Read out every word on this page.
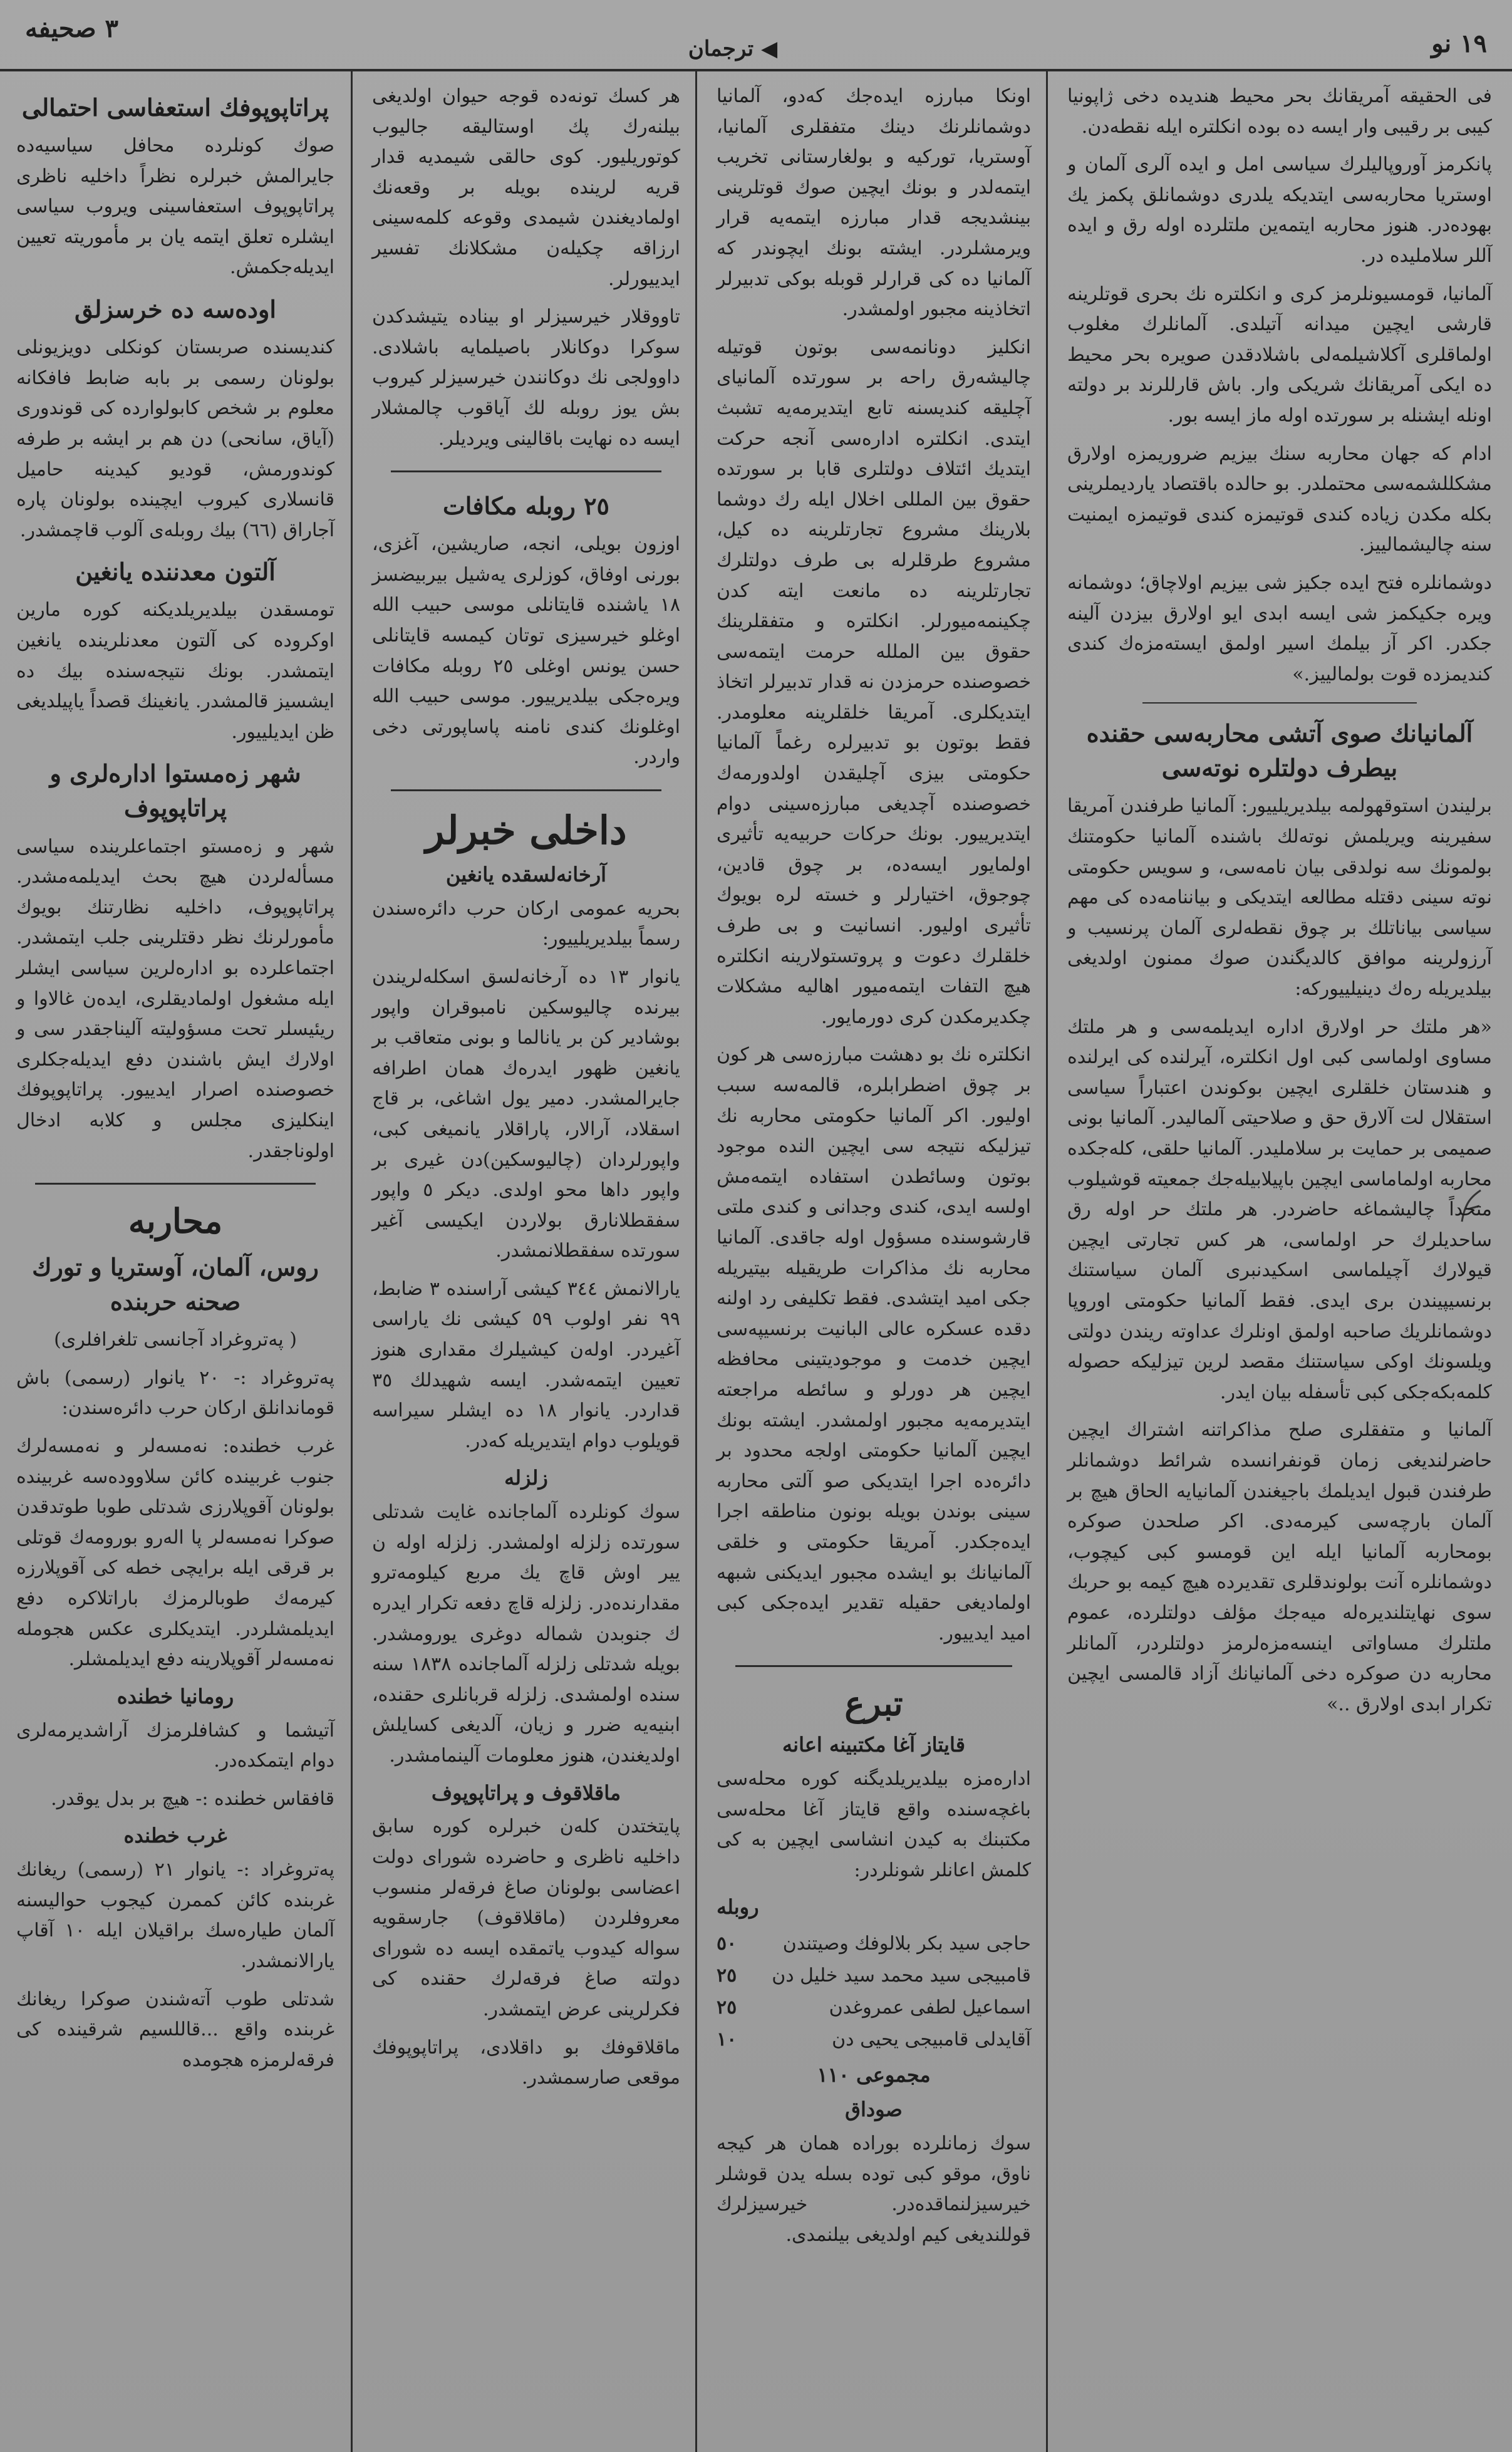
٣ ﺻﺤﯿﻔﻪ
◀ ﺗﺮﺟﻤﺎﻥ	١٩ ﻧﻮ

ﻓﯽ ﺍﻟﺤﻘﯿﻘﻪ ﺁﻣﺮﯾﻘﺎﻧﻚ ﺑﺤﺮ ﻣﺤﯿﻂ ﻫﻨﺪﯾﺪﻩ ﺩﺧﯽ ﮊﺍﭘﻮﻧﯿﺎ ﻛﯿﺒﯽ ﺑﺮ ﺭﻗﯿﺒﯽ ﻭﺍﺭ ﺍﯾﺴﻪ ﺩﻩ ﺑﻮﺩﻩ ﺍﻧﻜﻠﺘﺮﻩ ﺍﯾﻠﻪ ﻧﻘﻄﻪﺩﻥ.

ﭘﺎﻧﻜﺮﻣﺰ ﺁﻭﺭﻭﭘﺎﻟﯿﻠﺮﻙ ﺳﯿﺎﺳﯽ ﺍﻣﻞ ﻭ ﺍﯾﺪﻩ ﺁﻟﺮﯼ ﺁﻟﻤﺎﻥ ﻭ ﺍﻭﺳﺘﺮﯾﺎ ﻣﺤﺎﺭﺑﻪﺳﯽ ﺍﯾﺘﺪﯾﻜﻪ ﯾﻠﺪﺭﯼ ﺩﻭﺷﻤﺎﻧﻠﻖ ﭘﻜﻤﺰ ﯾﻚ ﺑﻬﻮﺩﻩﺩﺭ. ﻫﻨﻮﺯ ﻣﺤﺎﺭﺑﻪ ﺍﯾﺘﻤﻪﯾﻦ ﻣﻠﺘﻠﺮﺩﻩ ﺍﻭﻟﻪ ﺭﻕ ﻭ ﺍﯾﺪﻩ ﺁﻟﻠﺮ ﺳﻼﻣﻠﯿﺪﻩ ﺩﺭ.

ﺁﻟﻤﺎﻧﯿﺎ، ﻗﻮﻣﺴﻴﻮﻧﻠﺮﻣﺰ ﻛﺮﯼ ﻭ ﺍﻧﻜﻠﺘﺮﻩ ﻧﻚ ﺑﺤﺮﯼ ﻗﻮﺗﻠﺮﯾﻨﻪ ﻗﺎﺭﺷﯽ ﺍﯾﭽﯿﻦ ﻣﯿﺪﺍﻧﻪ ﺁﺗﯿﻠﺪﯼ. ﺁﻟﻤﺎﻧﻠﺮﻙ ﻣﻐﻠﻮﺏ ﺍﻭﻟﻤﺎﻗﻠﺮﯼ ﺁﻛﻼﺷﯿﻠﻤﻪﻟﯽ ﺑﺎﺷﻠﺎﺩﻗﺪﻥ ﺻﻮﯾﺮﻩ ﺑﺤﺮ ﻣﺤﯿﻂ ﺩﻩ ﺍﯾﻜﯽ ﺁﻣﺮﯾﻘﺎﻧﻚ ﺷﺮﯾﻜﯽ ﻭﺍﺭ. ﺑﺎﺵ ﻗﺎﺭﻟﻠﺮﻧﺪ ﺑﺮ ﺩﻭﻟﺘﻪ ﺍﻭﻧﻠﻪ ﺍﯾﺸﻨﻠﻪ ﺑﺮ ﺳﻮﺭﺗﺪﻩ ﺍﻭﻟﻪ ﻣﺎﺯ ﺍﯾﺴﻪ ﺑﻮﺭ.

ﺍﺩﺍﻡ ﻛﻪ ﺟﻬﺎﻥ ﻣﺤﺎﺭﺑﻪ ﺳﻨﻚ ﺑﯿﺰﯾﻢ ﺿﺮﻭﺭﯾﻤﺰﻩ ﺍﻭﻻﺭﻕ ﻣﺸﻜﻠﻠﺸﻤﻪﺳﯽ ﻣﺤﺘﻤﻠﺪﺭ. ﺑﻮ ﺣﺎﻟﺪﻩ ﺑﺎﻗﺘﺼﺎﺩ ﯾﺎﺭﺩﯾﻤﻠﺮﯾﻨﯽ ﺑﻜﻠﻪ ﻣﻜﺪﻥ ﺯﯾﺎﺩﻩ ﻛﻨﺪﯼ ﻗﻮﺗﯿﻤﺰﻩ ﻛﻨﺪﯼ ﻗﻮﺗﯿﻤﺰﻩ ﺍﯾﻤﻨﯿﺖ ﺳﻨﻪ ﭼﺎﻟﯿﺸﻤﺎﻟﯿﯿﺰ.

ﺩﻭﺷﻤﺎﻧﻠﺮﻩ ﻓﺘﺢ ﺍﯾﺪﻩ ﺟﻜﯿﺰ ﺷﯽ ﺑﯿﺰﯾﻢ ﺍﻭﻻﭼﺎﻕ؛ ﺩﻭﺷﻤﺎﻧﻪ ﻭﯾﺮﻩ ﺟﻜﯿﻜﻤﺰ ﺷﯽ ﺍﯾﺴﻪ ﺍﺑﺪﯼ ﺍﯾﻮ ﺍﻭﻻﺭﻕ ﺑﯿﺰﺩﻥ ﺁﻟﯿﻨﻪ ﺟﻜﺪﺭ. ﺍﻛﺮ ﺁﺯ ﺑﯿﻠﻤﻚ ﺍﺳﯿﺮ ﺍﻭﻟﻤﻖ ﺍﯾﺴﺘﻪﻣﺰﻩﻙ ﻛﻨﺪﯼ ﻛﻨﺪﯾﻤﺰﺩﻩ ﻗﻮﺕ ﺑﻮﻟﻤﺎﻟﯿﯿﺰ.»

ﺁﻟﻤﺎﻧﯿﺎﻧﻚ ﺻﻮﯼ ﺁﺗﺸﯽ ﻣﺤﺎﺭﺑﻪﺳﯽ ﺣﻘﻨﺪﻩ ﺑﯿﻄﺮﻑ ﺩﻭﻟﺘﻠﺮﻩ ﻧﻮﺗﻪﺳﯽ

ﺑﺮﻟﯿﻨﺪﻥ ﺍﺳﺘﻮﻗﻬﻮﻟﻤﻪ ﺑﯿﻠﺪﯾﺮﯾﻠﯿﯿﻮﺭ: ﺁﻟﻤﺎﻧﯿﺎ ﻃﺮﻓﻨﺪﻥ ﺁﻣﺮﯾﻘﺎ ﺳﻔﯿﺮﯾﻨﻪ ﻭﯾﺮﯾﻠﻤﺶ ﻧﻮﺗﻪﻟﻚ ﺑﺎﺷﻨﺪﻩ ﺁﻟﻤﺎﻧﯿﺎ ﺣﻜﻮﻣﺘﻨﻚ ﺑﻮﻟﻤﻮﻧﻚ ﺳﻪ ﻧﻮﻟﺪﻗﯽ ﺑﯿﺎﻥ ﻧﺎﻣﻪﺳﯽ، ﻭ ﺳﻮﯾﺲ ﺣﻜﻮﻣﺘﯽ ﻧﻮﺗﻪ ﺳﯿﻨﯽ ﺩﻗﺘﻠﻪ ﻣﻄﺎﻟﻌﻪ ﺍﯾﺘﺪﯾﻜﯽ ﻭ ﺑﯿﺎﻧﻨﺎﻣﻪﺩﻩ ﻛﯽ ﻣﻬﻢ ﺳﯿﺎﺳﯽ ﺑﯿﺎﻧﺎﺗﻠﻚ ﺑﺮ ﭼﻮﻕ ﻧﻘﻄﻪﻟﺮﯼ ﺁﻟﻤﺎﻥ ﭘﺮﻧﺴﯿﺐ ﻭ ﺁﺭﺯﻭﻟﺮﯾﻨﻪ ﻣﻮﺍﻓﻖ ﻛﺎﻟﺪﯾﮕﻨﺪﻥ ﺻﻮﻙ ﻣﻤﻨﻮﻥ ﺍﻭﻟﺪﯾﻐﯽ ﺑﯿﻠﺪﯾﺮﯾﻠﻪ ﺭﻩﻙ ﺩﯾﻨﯿﻠﯿﯿﻮﺭﻛﻪ:

«ﻫﺮ ﻣﻠﺘﻚ ﺣﺮ ﺍﻭﻻﺭﻕ ﺍﺩﺍﺭﻩ ﺍﯾﺪﯾﻠﻤﻪﺳﯽ ﻭ ﻫﺮ ﻣﻠﺘﻚ ﻣﺴﺎﻭﯼ ﺍﻭﻟﻤﺎﺳﯽ ﻛﺒﯽ ﺍﻭﻝ ﺍﻧﻜﻠﺘﺮﻩ، ﺁﯾﺮﻟﻨﺪﻩ ﻛﯽ ﺍﯾﺮﻟﻨﺪﻩ ﻭ ﻫﻨﺪﺳﺘﺎﻥ ﺧﻠﻘﻠﺮﯼ ﺍﯾﭽﯿﻦ ﺑﻮﻛﻮﻧﺪﻥ ﺍﻋﺘﺒﺎﺭﺍً ﺳﯿﺎﺳﯽ ﺍﺳﺘﻘﻼﻝ ﻟﺖ ﺁﻻﺭﻕ ﺣﻖ ﻭ ﺻﻼﺣﯿﺘﯽ ﺁﻟﻤﺎﻟﯿﺪﺭ. ﺁﻟﻤﺎﻧﯿﺎ ﺑﻮﻧﯽ ﺻﻤﯿﻤﯽ ﺑﺮ ﺣﻤﺎﯾﺖ ﺑﺮ ﺳﻼﻣﻠﯿﺪﺭ. ﺁﻟﻤﺎﻧﯿﺎ ﺣﻠﻘﯽ، ﻛﻠﻪﺟﻜﺪﻩ ﻣﺤﺎﺭﺑﻪ ﺍﻭﻟﻤﺎﻣﺎﺳﯽ ﺍﯾﭽﯿﻦ ﺑﺎﭘﯿﻼﺑﯿﻠﻪﺟﻚ ﺟﻤﻌﯿﺘﻪ ﻗﻮﺷﯿﻠﻮﺏ ﻣﺘﺤﺪﺍً ﭼﺎﻟﯿﺸﻤﺎﻏﻪ ﺣﺎﺿﺮﺩﺭ. ﻫﺮ ﻣﻠﺘﻚ ﺣﺮ ﺍﻭﻟﻪ ﺭﻕ ﺳﺎﺣﺪﯾﻠﺮﻙ ﺣﺮ ﺍﻭﻟﻤﺎﺳﯽ، ﻫﺮ ﻛﺲ ﺗﺠﺎﺭﺗﯽ ﺍﯾﭽﯿﻦ ﻗﯿﻮﻟﺎﺭﻙ ﺁﭼﯿﻠﻤﺎﺳﯽ ﺍﺳﻜﯿﺪﻧﺒﺮﻯ ﺁﻟﻤﺎﻥ ﺳﯿﺎﺳﺘﻨﻚ ﺑﺮﻧﺴﯿﭙﯿﻨﺪﻥ ﺑﺮﯼ ﺍﯾﺪﯼ. ﻓﻘﻂ ﺁﻟﻤﺎﻧﯿﺎ ﺣﻜﻮﻣﺘﯽ ﺍﻭﺭﻭﭘﺎ ﺩﻭﺷﻤﺎﻧﻠﺮﯾﻚ ﺻﺎﺣﺒﻪ ﺍﻭﻟﻤﻖ ﺍﻭﻧﻠﺮﻙ ﻋﺪﺍﻭﺗﻪ ﺭﯾﻨﺪﻥ ﺩﻭﻟﺘﯽ ﻭﯾﻠﺴﻮﻧﻚ ﺍﻭﻛﯽ ﺳﯿﺎﺳﺘﻨﻚ ﻣﻘﺼﺪ ﻟﺮﯾﻦ ﺗﻴﺰﻟﻴﻜﻪ ﺣﺼﻮﻟﻪ ﻛﻠﻤﻪﺑﻜﻪﺟﻜﯽ ﻛﺒﯽ ﺗﺄﺳﻔﻠﻪ ﺑﯿﺎﻥ ﺍﯾﺪﺭ.

ﺁﻟﻤﺎﻧﯿﺎ ﻭ ﻣﺘﻔﻘﻠﺮﯼ ﺻﻠﺢ ﻣﺬﺍﻛﺮﺍﺗﻨﻪ ﺍﺷﺘﺮﺍﻙ ﺍﯾﭽﯿﻦ ﺣﺎﺿﺮﻟﻨﺪﯾﻐﯽ ﺯﻣﺎﻥ ﻗﻮﻧﻔﺮﺍﻧﺴﺪﻩ ﺷﺮﺍﺋﻂ ﺩﻭﺷﻤﺎﻧﻠﺮ ﻃﺮﻓﻨﺪﻥ ﻗﺒﻮﻝ ﺍﯾﺪﯾﻠﻤﻚ ﺑﺎﺟﯿﻐﻨﺪﻥ ﺁﻟﻤﺎﻧﯿﺎﯾﻪ ﺍﻟﺤﺎﻕ ﻫﯿﭻ ﺑﺮ ﺁﻟﻤﺎﻥ ﺑﺎﺭﭼﻪﺳﯽ ﻛﯿﺮﻣﻪﺩﯼ. ﺍﻛﺮ ﺻﻠﺤﺪﻥ ﺻﻮﻛﺮﻩ ﺑﻮﻣﺤﺎﺭﺑﻪ ﺁﻟﻤﺎﻧﯿﺎ ﺍﯾﻠﻪ ﺍﯾﻦ ﻗﻮﻣﺴﻮ ﻛﺒﯽ ﻛﯿﭽﻮﺏ، ﺩﻭﺷﻤﺎﻧﻠﺮﻩ ﺁﻧﺖ ﺑﻮﻟﻮﻧﺪﻗﻠﺮﯼ ﺗﻘﺪﯾﺮﺩﻩ ﻫﯿﭻ ﻛﯿﻤﻪ ﺑﻮ ﺣﺮﺑﻚ ﺳﻮﯼ ﻧﻬﺎﯾﺘﻠﻨﺪﯾﺮﻩﻟﻪ ﻣﯿﻪﺟﻚ ﻣﺆﻟﻒ ﺩﻭﻟﺘﻠﺮﺩﻩ، ﻋﻤﻮﻡ ﻣﻠﺘﻠﺮﻙ ﻣﺴﺎﻭﺍﺗﯽ ﺍﯾﻨﺴﻪﻣﺰﻩﻟﺮﻣﺰ ﺩﻭﻟﺘﻠﺮﺩﺭ، ﺁﻟﻤﺎﻧﻠﺮ ﻣﺤﺎﺭﺑﻪ ﺩﻥ ﺻﻮﻛﺮﻩ ﺩﺧﯽ ﺁﻟﻤﺎﻧﯿﺎﻧﻚ ﺁﺯﺍﺩ ﻗﺎﻟﻤﺴﯽ ﺍﯾﭽﯿﻦ ﺗﻜﺮﺍﺭ ﺍﺑﺪﯼ ﺍﻭﻻﺭﻕ ..»

ﺍﻭﻧﻜﺎ ﻣﺒﺎﺭﺯﻩ ﺍﯾﺪﻩﺟﻚ ﻛﻪﺩﻭ، ﺁﻟﻤﺎﻧﯿﺎ ﺩﻭﺷﻤﺎﻧﻠﺮﻧﻚ ﺩﯾﻨﻚ ﻣﺘﻔﻘﻠﺮﻯ ﺁﻟﻤﺎﻧﯿﺎ، ﺁﻭﺳﺘﺮﯾﺎ، ﺗﻮﺭﻛﯿﻪ ﻭ ﺑﻮﻟﻐﺎﺭﺳﺘﺎﻧﯽ ﺗﺨﺮﯾﺐ ﺍﯾﺘﻤﻪﻟﺪﺭ ﻭ ﺑﻮﻧﻚ ﺍﯾﭽﯿﻦ ﺻﻮﻙ ﻗﻮﺗﻠﺮﯾﻨﯽ ﺑﯿﻨﺸﺪﯾﺠﻪ ﻗﺪﺍﺭ ﻣﺒﺎﺭﺯﻩ ﺍﯾﺘﻤﻪﯾﻪ ﻗﺮﺍﺭ ﻭﯾﺮﻣﺸﻠﺮﺩﺭ. ﺍﯾﺸﺘﻪ ﺑﻮﻧﻚ ﺍﯾﭽﻮﻧﺪﺭ ﻛﻪ ﺁﻟﻤﺎﻧﯿﺎ ﺩﻩ ﻛﯽ ﻗﺮﺍﺭﻟﺮ ﻗﻮﺑﻠﻪ ﺑﻮﻛﯽ ﺗﺪﺑﯿﺮﻟﺮ ﺍﺗﺨﺎﺫﯾﻨﻪ ﻣﺠﺒﻮﺭ ﺍﻭﻟﻤﺸﺪﺭ.

ﺍﻧﻜﻠﯿﺰ ﺩﻭﻧﺎﻧﻤﻪﺳﯽ ﺑﻮﺗﻮﻥ ﻗﻮﺗﯿﻠﻪ ﭼﺎﻟﯿﺸﻪﺭﻕ ﺭﺍﺣﻪ ﺑﺮ ﺳﻮﺭﺗﺪﻩ ﺁﻟﻤﺎﻧﯿﺎﯼ ﺁﭼﻠﯿﻘﻪ ﻛﻨﺪﯾﺴﻨﻪ ﺗﺎﺑﻊ ﺍﯾﺘﺪﯾﺮﻣﻪﯾﻪ ﺗﺸﺒﺚ ﺍﯾﺘﺪﯼ. ﺍﻧﻜﻠﺘﺮﻩ ﺍﺩﺍﺭﻩﺳﯽ ﺁﻧﺠﻪ ﺣﺮﻛﺖ ﺍﯾﺘﺪﯾﻚ ﺍﺋﺘﻼﻑ ﺩﻭﻟﺘﻠﺮﯼ ﻗﺎﺑﺎ ﺑﺮ ﺳﻮﺭﺗﺪﻩ ﺣﻘﻮﻕ ﺑﯿﻦ ﺍﻟﻤﻠﻠﯽ ﺍﺧﻼﻝ ﺍﯾﻠﻪ ﺭﻙ ﺩﻭﺷﻤﺎ ﺑﻠﺎﺭﯾﻨﻚ ﻣﺸﺮﻭﻉ ﺗﺠﺎﺭﺗﻠﺮﯾﻨﻪ ﺩﻩ ﻛﯿﻞ، ﻣﺸﺮﻭﻉ ﻃﺮﻗﻠﺮﻟﻪ ﺑﯽ ﻃﺮﻑ ﺩﻭﻟﺘﻠﺮﻙ ﺗﺠﺎﺭﺗﻠﺮﯾﻨﻪ ﺩﻩ ﻣﺎﻧﻌﺖ ﺍﯾﺘﻪ ﻛﺪﻥ ﭼﻜﯿﻨﻤﻪﻣﯿﻮﺭﻟﺮ. ﺍﻧﻜﻠﺘﺮﻩ ﻭ ﻣﺘﻔﻘﻠﺮﯾﻨﻚ ﺣﻘﻮﻕ ﺑﯿﻦ ﺍﻟﻤﻠﻠﻪ ﺣﺮﻣﺖ ﺍﯾﺘﻤﻪﺳﯽ ﺧﺼﻮﺻﻨﺪﻩ ﺣﺮﻣﺰﺩﻥ ﻧﻪ ﻗﺪﺍﺭ ﺗﺪﺑﯿﺮﻟﺮ ﺍﺗﺨﺎﺫ ﺍﯾﺘﺪﯾﻜﻠﺮﯼ. ﺁﻣﺮﯾﻘﺎ ﺧﻠﻘﻠﺮﯾﻨﻪ ﻣﻌﻠﻮﻣﺪﺭ. ﻓﻘﻂ ﺑﻮﺗﻮﻥ ﺑﻮ ﺗﺪﺑﯿﺮﻟﺮﻩ ﺭﻏﻤﺎً ﺁﻟﻤﺎﻧﯿﺎ ﺣﻜﻮﻣﺘﯽ ﺑﯿﺰﯼ ﺁﭼﻠﯿﻘﺪﻥ ﺍﻭﻟﺪﻭﺭﻣﻪﻙ ﺧﺼﻮﺻﻨﺪﻩ ﺁﭼﺪﯾﻐﯽ ﻣﺒﺎﺭﺯﻩﺳﯿﻨﯽ ﺩﻭﺍﻡ ﺍﯾﺘﺪﯾﺮﯾﯿﻮﺭ. ﺑﻮﻧﻚ ﺣﺮﻛﺎﺕ ﺣﺮﺑﯿﻪﯾﻪ ﺗﺄﺛﯿﺮﯼ ﺍﻭﻟﻤﺎﯾﻮﺭ ﺍﯾﺴﻪﺩﻩ، ﺑﺮ ﭼﻮﻕ ﻗﺎﺩﯾﻦ، ﭼﻮﺟﻮﻕ، ﺍﺧﺘﯿﺎﺭﻟﺮ ﻭ ﺧﺴﺘﻪ ﻟﺮﻩ ﺑﻮﯾﻮﻙ ﺗﺄﺛﯿﺮﯼ ﺍﻭﻟﯿﻮﺭ. ﺍﻧﺴﺎﻧﯿﺖ ﻭ ﺑﯽ ﻃﺮﻑ ﺧﻠﻘﻠﺮﻙ ﺩﻋﻮﺕ ﻭ ﭘﺮﻭﺗﺴﺘﻮﻻﺭﯾﻨﻪ ﺍﻧﻜﻠﺘﺮﻩ ﻫﯿﭻ ﺍﻟﺘﻔﺎﺕ ﺍﯾﺘﻤﻪﻣﯿﻮﺭ ﺍﻫﺎﻟﯿﻪ ﻣﺸﻜﻼﺕ ﭼﻜﺪﯾﺮﻣﻜﺪﻥ ﻛﺮﯼ ﺩﻭﺭﻣﺎﯾﻮﺭ.

ﺍﻧﻜﻠﺘﺮﻩ ﻧﻚ ﺑﻮ ﺩﻫﺸﺖ ﻣﺒﺎﺭﺯﻩﺳﯽ ﻫﺮ ﻛﻮﻥ ﺑﺮ ﭼﻮﻕ ﺍﺿﻄﺮﺍﺑﻠﺮﻩ، ﻗﺎﻟﻤﻪﺳﻪ ﺳﺒﺐ ﺍﻭﻟﯿﻮﺭ. ﺍﻛﺮ ﺁﻟﻤﺎﻧﯿﺎ ﺣﻜﻮﻣﺘﯽ ﻣﺤﺎﺭﺑﻪ ﻧﻚ ﺗﻴﺰﻟﻴﻜﻪ ﻧﺘﯿﺠﻪ ﺳﯽ ﺍﯾﭽﯿﻦ ﺍﻟﻨﺪﻩ ﻣﻮﺟﻮﺩ ﺑﻮﺗﻮﻥ ﻭﺳﺎﺋﻄﺪﻥ ﺍﺳﺘﻔﺎﺩﻩ ﺍﯾﺘﻤﻪﻣﺶ ﺍﻭﻟﺴﻪ ﺍﯾﺪﯼ، ﻛﻨﺪﯼ ﻭﺟﺪﺍﻧﯽ ﻭ ﻛﻨﺪﯼ ﻣﻠﺘﯽ ﻗﺎﺭﺷﻮﺳﻨﺪﻩ ﻣﺴﺆﻭﻝ ﺍﻭﻟﻪ ﺟﺎﻗﺪﯼ. ﺁﻟﻤﺎﻧﯿﺎ ﻣﺤﺎﺭﺑﻪ ﻧﻚ ﻣﺬﺍﻛﺮﺍﺕ ﻃﺮﯾﻘﯿﻠﻪ ﺑﯿﺘﯿﺮﯾﻠﻪ ﺟﻜﯽ ﺍﻣﯿﺪ ﺍﯾﺘﺸﺪﯼ. ﻓﻘﻂ ﺗﻜﻠﯿﻔﯽ ﺭﺩ ﺍﻭﻟﻨﻪ ﺩﻗﺪﻩ ﻋﺴﻜﺮﻩ ﻋﺎﻟﯽ ﺍﻟﺒﺎﻧﯿﺖ ﺑﺮﻧﺴﯿﭙﻪﺳﯽ ﺍﯾﭽﯿﻦ ﺧﺪﻣﺖ ﻭ ﻣﻮﺟﻮﺩﯾﺘﯿﻨﯽ ﻣﺤﺎﻓﻈﻪ ﺍﯾﭽﯿﻦ ﻫﺮ ﺩﻭﺭﻟﻮ ﻭ ﺳﺎﺋﻄﻪ ﻣﺮﺍﺟﻌﺘﻪ ﺍﯾﺘﺪﯾﺮﻣﻪﯾﻪ ﻣﺠﺒﻮﺭ ﺍﻭﻟﻤﺸﺪﺭ. ﺍﯾﺸﺘﻪ ﺑﻮﻧﻚ ﺍﯾﭽﯿﻦ ﺁﻟﻤﺎﻧﯿﺎ ﺣﻜﻮﻣﺘﯽ ﺍﻭﻟﺠﻪ ﻣﺤﺪﻭﺩ ﺑﺮ ﺩﺍﺋﺮﻩﺩﻩ ﺍﺟﺮﺍ ﺍﯾﺘﺪﯾﻜﯽ ﺻﻮ ﺁﻟﺘﯽ ﻣﺤﺎﺭﺑﻪ ﺳﯿﻨﯽ ﺑﻮﻧﺪﻥ ﺑﻮﯾﻠﻪ ﺑﻮﻧﻮﻥ ﻣﻨﺎﻃﻘﻪ ﺍﺟﺮﺍ ﺍﯾﺪﻩﺟﻜﺪﺭ. ﺁﻣﺮﯾﻘﺎ ﺣﻜﻮﻣﺘﯽ ﻭ ﺧﻠﻘﯽ ﺁﻟﻤﺎﻧﯿﺎﻧﻚ ﺑﻮ ﺍﯾﺸﺪﻩ ﻣﺠﺒﻮﺭ ﺍﯾﺪﻳﻜﻨﯽ ﺷﺒﻬﻪ ﺍﻭﻟﻤﺎﺩﯾﻐﯽ ﺣﻘﯿﻠﻪ ﺗﻘﺪﯾﺮ ﺍﯾﺪﻩﺟﻜﯽ ﻛﺒﯽ ﺍﻣﯿﺪ ﺍﯾﺪﯾﻴﻮﺭ.

ﺗﺒﺮﻉ
ﻗﺎﯾﺘﺎﺯ ﺁﻏﺎ ﻣﻜﺘﺒﯿﻨﻪ ﺍﻋﺎﻧﻪ

ﺍﺩﺍﺭﻩﻣﺰﻩ ﺑﯿﻠﺪﯾﺮﯾﻠﺪﯾﮕﻨﻪ ﻛﻮﺭﻩ ﻣﺤﻠﻪﺳﯽ ﺑﺎﻏﭽﻪﺳﻨﺪﻩ ﻭﺍﻗﻊ ﻗﺎﯾﺘﺎﺯ ﺁﻏﺎ ﻣﺤﻠﻪﺳﯽ ﻣﻜﺘﺒﻨﻚ ﺑﻪ ﻛﯿﺪﻥ ﺍﻧﺸﺎﺳﯽ ﺍﯾﭽﯿﻦ ﺑﻪ ﻛﯽ ﻛﻠﻤﺶ ﺍﻋﺎﻧﻠﺮ ﺷﻮﻧﻠﺮﺩﺭ:

ﺭﻭﺑﻠﻪ
ﺣﺎﺟﯽ ﺳﯿﺪ ﺑﻜﺮ ﺑﻼﻟﻮﻓﻚ ﻭﺻﯿﺘﻨﺪﻥ
٥٠
ﻗﺎﻣﺒﯿﺠﯽ ﺳﯿﺪ ﻣﺤﻤﺪ ﺳﯿﺪ ﺧﻠﯿﻞ ﺩﻥ
٢٥
ﺍﺳﻤﺎﻋﯿﻞ ﻟﻄﻔﯽ ﻋﻤﺮﻭﻏﺪﻥ
٢٥
ﺁﻗﺎﯾﺪﻟﯽ ﻗﺎﻣﺒﯿﺠﯽ ﯾﺤﯿﯽ ﺩﻥ
١٠
ﻣﺠﻤﻮﻋﯽ ١١٠
ﺻﻮﺩﺍﻕ

ﺳﻮﻙ ﺯﻣﺎﻧﻠﺮﺩﻩ ﺑﻮﺭﺍﺩﻩ ﻫﻤﺎﻥ ﻫﺮ ﻛﯿﺠﻪ ﻧﺎﻭﻕ، ﻣﻮﻗﻮ ﻛﺒﯽ ﺗﻮﺩﻩ ﺑﺴﻠﻪ ﯾﺪﻥ ﻗﻮﺷﻠﺮ ﺧﯿﺮﺳﯿﺰﻟﻨﻤﺎﻗﺪﻩﺩﺭ. ﺧﯿﺮﺳﯿﺰﻟﺮﻙ ﻗﻮﻟﻠﻨﺪﯾﻐﯽ ﻛﯿﻢ ﺍﻭﻟﺪﯾﻐﯽ ﺑﯿﻠﻨﻤﺪﯼ.

ﻫﺮ ﻛﺴﻚ ﺗﻮﻧﻪﺩﻩ ﻗﻮﺟﻪ ﺣﯿﻮﺍﻥ ﺍﻭﻟﺪﯾﻐﯽ ﺑﯿﻠﻨﻪﺭﻙ ﭘﻚ ﺍﻭﺳﺘﺎﻟﯿﻘﻪ ﺟﺎﻟﯿﻮﺏ ﻛﻮﺗﻮﺭﯾﻠﯿﻮﺭ. ﻛﻮﯼ ﺣﺎﻟﻘﯽ ﺷﯿﻤﺪﯾﻪ ﻗﺪﺍﺭ ﻗﺮﯾﻪ ﻟﺮﯾﻨﺪﻩ ﺑﻮﯾﻠﻪ ﺑﺮ ﻭﻗﻌﻪﻧﻚ ﺍﻭﻟﻤﺎﺩﯾﻐﻨﺪﻥ ﺷﯿﻤﺪﯼ ﻭﻗﻮﻋﻪ ﻛﻠﻤﻪﺳﯿﻨﯽ ﺍﺭﺯﺍﻗﻪ ﭼﻜﯿﻠﻪﻥ ﻣﺸﻜﻼﻧﻚ ﺗﻔﺴﯿﺮ ﺍﯾﺪﯾﯿﻮﺭﻟﺮ.

ﺗﺎﻭﻭﻗﻠﺎﺭ ﺧﯿﺮﺳﯿﺰﻟﺮ ﺍﻭ ﺑﯿﻨﺎﺩﻩ ﯾﺘﯿﺸﺪﻛﺪﻥ ﺳﻮﻛﺮﺍ ﺩﻭﻛﺎﻧﻠﺎﺭ ﺑﺎﺻﯿﻠﻤﺎﯾﻪ ﺑﺎﺷﻼﺩﯼ. ﺩﺍﻭﻭﻟﺠﯽ ﻧﻚ ﺩﻭﻛﺎﻧﻨﺪﻥ ﺧﯿﺮﺳﯿﺰﻟﺮ ﻛﯿﺮﻭﺏ ﺑﺶ ﯾﻮﺯ ﺭﻭﺑﻠﻪ ﻟﻚ ﺁﯾﺎﻗﻮﺏ ﭼﺎﻟﻤﺸﻠﺎﺭ ﺍﯾﺴﻪ ﺩﻩ ﻧﻬﺎﯾﺖ ﺑﺎﻗﺎﻟﯿﻨﯽ ﻭﯾﺮﺩﯾﻠﺮ.

٢٥ ﺭﻭﺑﻠﻪ ﻣﻜﺎﻓﺎﺕ

ﺍﻭﺯﻭﻥ ﺑﻮﯾﻠﯽ، ﺍﻧﺠﻪ، ﺻﺎﺭﯾﺸﯿﻦ، ﺁﻏﺰﯼ، ﺑﻮﺭﻧﯽ ﺍﻭﻓﺎﻕ، ﻛﻮﺯﻟﺮﯼ ﯾﻪﺷﯿﻞ ﺑﯿﺮﺑﯿﻀﺴﺰ ١٨ ﯾﺎﺷﻨﺪﻩ ﻗﺎﯾﺘﺎﻧﻠﯽ ﻣﻮﺳﯽ ﺣﺒﯿﺐ ﺍﻟﻠﻪ ﺍﻭﻏﻠﻮ ﺧﯿﺮﺳﯿﺰﯼ ﺗﻮﺗﺎﻥ ﻛﯿﻤﺴﻪ ﻗﺎﯾﺘﺎﻧﻠﯽ ﺣﺴﻦ ﯾﻮﻧﺲ ﺍﻭﻏﻠﯽ ٢٥ ﺭﻭﺑﻠﻪ ﻣﻜﺎﻓﺎﺕ ﻭﯾﺮﻩﺟﻜﯽ ﺑﯿﻠﺪﯾﺮﯾﯿﻮﺭ. ﻣﻮﺳﯽ ﺣﺒﯿﺐ ﺍﻟﻠﻪ ﺍﻭﻏﻠﻮﻧﻚ ﻛﻨﺪﯼ ﻧﺎﻣﻨﻪ ﭘﺎﺳﺎﭘﻮﺭﺗﯽ ﺩﺧﯽ ﻭﺍﺭﺩﺭ.

ﺩﺍﺧﻠﯽ ﺧﺒﺮﻟﺮ
ﺁﺭﺧﺎﻧﻪﻟﺴﻘﺪﻩ ﯾﺎﻧﻐﯿﻦ

ﺑﺤﺮﯾﻪ ﻋﻤﻮﻣﯽ ﺍﺭﻛﺎﻥ ﺣﺮﺏ ﺩﺍﺋﺮﻩﺳﻨﺪﻥ ﺭﺳﻤﺎً ﺑﯿﻠﺪﯾﺮﯾﻠﯿﯿﻮﺭ:

ﯾﺎﻧﻮﺍﺭ ١٣ ﺩﻩ ﺁﺭﺧﺎﻧﻪﻟﺴﻖ ﺍﺳﻜﻠﻪﻟﺮﯾﻨﺪﻥ ﺑﯿﺮﻧﺪﻩ ﭼﺎﻟﯿﻮﺳﻜﯿﻦ ﻧﺎﻣﺒﻮﻗﺮﺍﻥ ﻭﺍﭘﻮﺭ ﺑﻮﺷﺎﺩﯾﺮ ﻛﻦ ﺑﺮ ﯾﺎﻧﺎﻟﻤﺎ ﻭ ﺑﻮﻧﯽ ﻣﺘﻌﺎﻗﺐ ﺑﺮ ﯾﺎﻧﻐﯿﻦ ﻇﻬﻮﺭ ﺍﯾﺪﺭﻩﻙ ﻫﻤﺎﻥ ﺍﻃﺮﺍﻓﻪ ﺟﺎﯾﺮﺍﻟﻤﺸﺪﺭ. ﺩﻣﯿﺮ ﯾﻮﻝ ﺍﺷﺎﻏﯽ، ﺑﺮ ﻗﺎﺝ ﺍﺳﻘﻼﺩ، ﺁﺭﺍﻟﺎﺭ، ﭘﺎﺭﺍﻗﻠﺎﺭ ﯾﺎﻧﻤﯿﻐﯽ ﻛﺒﯽ، ﻭﺍﭘﻮﺭﻟﺮﺩﺍﻥ (ﭼﺎﻟﯿﻮﺳﻜﯿﻦ)ﺩﻥ ﻏﯿﺮﯼ ﺑﺮ ﻭﺍﭘﻮﺭ ﺩﺍﻫﺎ ﻣﺤﻮ ﺍﻭﻟﺪﯼ. ﺩﯾﻜﺮ ٥ ﻭﺍﭘﻮﺭ ﺳﻔﻘﻄﻠﺎﻧﺎﺭﻕ ﺑﻮﻻﺭﺩﻥ ﺍﯾﻜﯿﺴﯽ ﺁﻏﯿﺮ ﺳﻮﺭﺗﺪﻩ ﺳﻔﻘﻄﻠﺎﻧﻤﺸﺪﺭ.

ﯾﺎﺭﺍﻟﺎﻧﻤﺶ ٣٤٤ ﻛﯿﺸﯽ ﺁﺭﺍﺳﻨﺪﻩ ٣ ﺿﺎﺑﻂ، ٩٩ ﻧﻔﺮ ﺍﻭﻟﻮﺏ ٥٩ ﻛﯿﺸﯽ ﻧﻚ ﯾﺎﺭﺍﺳﯽ ﺁﻏﯿﺮﺩﺭ. ﺍﻭﻟﻪﻥ ﻛﯿﺸﯿﻠﺮﻙ ﻣﻘﺪﺍﺭﯼ ﻫﻨﻮﺯ ﺗﻌﯿﯿﻦ ﺍﯾﺘﻤﻪﺷﺪﺭ. ﺍﯾﺴﻪ ﺷﻬﯿﺪﻟﻚ ٣٥ ﻗﺪﺍﺭﺩﺭ. ﯾﺎﻧﻮﺍﺭ ١٨ ﺩﻩ ﺍﯾﺸﻠﺮ ﺳﯿﺮﺍﺳﻪ ﻗﻮﯾﻠﻮﺏ ﺩﻭﺍﻡ ﺍﯾﺘﺪﯾﺮﯾﻠﻪ ﻛﻪﺩﺭ.

ﺯﻟﺰﻟﻪ

ﺳﻮﻙ ﻛﻮﻧﻠﺮﺩﻩ ﺁﻟﻤﺎﺟﺎﻧﺪﻩ ﻏﺎﯾﺖ ﺷﺪﺗﻠﯽ ﺳﻮﺭﺗﺪﻩ ﺯﻟﺰﻟﻪ ﺍﻭﻟﻤﺸﺪﺭ. ﺯﻟﺰﻟﻪ ﺍﻭﻟﻪ ﻥ ﯾﯿﺮ ﺍﻭﺵ ﻗﺎﭺ ﯾﻚ ﻣﺮﺑﻊ ﻛﯿﻠﻮﻣﻪﺗﺮﻭ ﻣﻘﺪﺍﺭﻧﺪﻩﺩﺭ. ﺯﻟﺰﻟﻪ ﻗﺎﭺ ﺩﻓﻌﻪ ﺗﻜﺮﺍﺭ ﺍﯾﺪﺭﻩ ﻙ ﺟﻨﻮﺑﺪﻥ ﺷﻤﺎﻟﻪ ﺩﻭﻏﺮﯼ ﯾﻮﺭﻭﻣﺸﺪﺭ. ﺑﻮﯾﻠﻪ ﺷﺪﺗﻠﯽ ﺯﻟﺰﻟﻪ ﺁﻟﻤﺎﺟﺎﻧﺪﻩ ١٨٣٨ ﺳﻨﻪ ﺳﻨﺪﻩ ﺍﻭﻟﻤﺸﺪﻯ. ﺯﻟﺰﻟﻪ ﻗﺮﺑﺎﻧﻠﺮﯼ ﺣﻘﻨﺪﻩ، ﺍﺑﻨﯿﻪﯾﻪ ﺿﺮﺭ ﻭ ﺯﯾﺎﻥ، ﺁﻟﺪﯾﻐﯽ ﻛﺴﺎﯾﻠﺶ ﺍﻭﻟﺪﯾﻐﻨﺪﻥ، ﻫﻨﻮﺯ ﻣﻌﻠﻮﻣﺎﺕ ﺁﻟﯿﻨﻤﺎﻣﺸﺪﺭ.

ﻣﺎﻗﻼﻗﻮﻑ ﻭ ﭘﺮﺍﺗﺎﭘﻮﭘﻮﻑ

ﭘﺎﯾﺘﺨﺘﺪﻥ ﻛﻠﻪﻥ ﺧﺒﺮﻟﺮﻩ ﻛﻮﺭﻩ ﺳﺎﺑﻖ ﺩﺍﺧﻠﯿﻪ ﻧﺎﻇﺮﯼ ﻭ ﺣﺎﺿﺮﺩﻩ ﺷﻮﺭﺍﯼ ﺩﻭﻟﺖ ﺍﻋﻀﺎﺳﯽ ﺑﻮﻟﻮﻧﺎﻥ ﺻﺎﻍ ﻓﺮﻗﻪﻟﺮ ﻣﻨﺴﻮﺏ ﻣﻌﺮﻭﻓﻠﺮﺩﻥ (ﻣﺎﻗﻼﻗﻮﻑ) ﺟﺎﺭﺳﻘﻮﻳﻪ ﺳﻮﺍﻟﻪ ﻛﯿﺪﻭﺏ ﯾﺎﺗﻤﻘﺪﻩ ﺍﯾﺴﻪ ﺩﻩ ﺷﻮﺭﺍﯼ ﺩﻭﻟﺘﻪ ﺻﺎﻍ ﻓﺮﻗﻪﻟﺮﻙ ﺣﻘﻨﺪﻩ ﻛﯽ ﻓﻜﺮﻟﺮﯾﻨﯽ ﻋﺮﺽ ﺍﯾﺘﻤﺸﺪﺭ.

ﻣﺎﻗﻼﻗﻮﻓﻚ ﺑﻮ ﺩﺍﻗﻼﺩﯼ، ﭘﺮﺍﺗﺎﭘﻮﭘﻮﻓﻚ ﻣﻮﻗﻌﯽ ﺻﺎﺭﺳﻤﺸﺪﺭ.

ﭘﺮﺍﺗﺎﭘﻮﭘﻮﻓﻚ ﺍﺳﺘﻌﻔﺎﺳﯽ ﺍﺣﺘﻤﺎﻟﯽ

ﺻﻮﻙ ﻛﻮﻧﻠﺮﺩﻩ ﻣﺤﺎﻓﻞ ﺳﯿﺎﺳﯿﻪﺩﻩ ﺟﺎﯾﺮﺍﻟﻤﺶ ﺧﺒﺮﻟﺮﻩ ﻧﻈﺮﺍً ﺩﺍﺧﻠﯿﻪ ﻧﺎﻇﺮﯼ ﭘﺮﺍﺗﺎﭘﻮﭘﻮﻑ ﺍﺳﺘﻌﻔﺎﺳﯿﻨﯽ ﻭﯾﺮﻭﺏ ﺳﯿﺎﺳﯽ ﺍﯾﺸﻠﺮﻩ ﺗﻌﻠﻖ ﺍﯾﺘﻤﻪ ﯾﺎﻥ ﺑﺮ ﻣﺄﻣﻮﺭﯾﺘﻪ ﺗﻌﯿﯿﻦ ﺍﯾﺪﯾﻠﻪﺟﻜﻤﺶ.

ﺍﻭﺩﻩﺳﻪ ﺩﻩ ﺧﺮﺳﺰﻟﻖ

ﻛﻨﺪﯾﺴﻨﺪﻩ ﺻﺮﺑﺴﺘﺎﻥ ﻛﻮﻧﻜﻠﯽ ﺩﻭﯾﺰﯾﻮﻧﻠﯽ ﺑﻮﻟﻮﻧﺎﻥ ﺭﺳﻤﯽ ﺑﺮ ﺑﺎﺑﻪ ﺿﺎﺑﻂ ﻓﺎﻓﻜﺎﻧﻪ ﻣﻌﻠﻮﻡ ﺑﺮ ﺷﺨﺺ ﻛﺎﺑﻮﻟﻮﺍﺭﺩﻩ ﻛﯽ ﻗﻮﻧﺪﻭﺭﯼ (ﺁﯾﺎﻕ، ﺳﺎﻧﺤﯽ) ﺩﻥ ﻫﻢ ﺑﺮ ﺍﯾﺸﻪ ﺑﺮ ﻃﺮﻓﻪ ﻛﻮﻧﺪﻭﺭﻣﺶ، ﻗﻮﺩﯾﻮ ﻛﯿﺪﯾﻨﻪ ﺣﺎﻣﯿﻞ ﻗﺎﻧﺴﻠﺎﺭﯼ ﻛﯿﺮﻭﺏ ﺍﯾﭽﯿﻨﺪﻩ ﺑﻮﻟﻮﻧﺎﻥ ﭘﺎﺭﻩ ﺁﺟﺎﺭﺍﻕ (٦٦) ﺑﯿﻚ ﺭﻭﺑﻠﻪﯼ ﺁﻟﻮﺏ ﻗﺎﭼﻤﺸﺪﺭ.

ﺁﻟﺘﻮﻥ ﻣﻌﺪﻧﻨﺪﻩ ﯾﺎﻧﻐﯿﻦ

ﺗﻮﻣﺴﻘﺪﻥ ﺑﯿﻠﺪﯾﺮﯾﻠﺪﯾﻜﻨﻪ ﻛﻮﺭﻩ ﻣﺎﺭﯾﻦ ﺍﻭﻛﺮﻭﺩﻩ ﻛﯽ ﺁﻟﺘﻮﻥ ﻣﻌﺪﻧﻠﺮﯾﻨﺪﻩ ﯾﺎﻧﻐﯿﻦ ﺍﯾﺘﻤﺸﺪﺭ. ﺑﻮﻧﻚ ﻧﺘﯿﺠﻪﺳﻨﺪﻩ ﺑﯿﻚ ﺩﻩ ﺍﯾﺸﺴﯿﺰ ﻗﺎﻟﻤﺸﺪﺭ. ﯾﺎﻧﻐﯿﻨﻚ ﻗﺼﺪﺍً ﯾﺎﭘﯿﻠﺪﯾﻐﯽ ﻇﻦ ﺍﯾﺪﯾﻠﯿﯿﻮﺭ.

ﺷﻬﺮ ﺯﻩﻣﺴﺘﻮﺍ ﺍﺩﺍﺭﻩﻟﺮﯼ ﻭ ﭘﺮﺍﺗﺎﭘﻮﭘﻮﻑ

ﺷﻬﺮ ﻭ ﺯﻩﻣﺴﺘﻮ ﺍﺟﺘﻤﺎﻋﻠﺮﯾﻨﺪﻩ ﺳﯿﺎﺳﯽ ﻣﺴﺄﻟﻪﻟﺮﺩﻥ ﻫﯿﭻ ﺑﺤﺚ ﺍﯾﺪﯾﻠﻤﻪﻣﺸﺪﺭ. ﭘﺮﺍﺗﺎﭘﻮﭘﻮﻑ، ﺩﺍﺧﻠﯿﻪ ﻧﻈﺎﺭﺗﻨﻚ ﺑﻮﯾﻮﻙ ﻣﺄﻣﻮﺭﻟﺮﻧﻚ ﻧﻈﺮ ﺩﻗﺘﻠﺮﯾﻨﯽ ﺟﻠﺐ ﺍﯾﺘﻤﺸﺪﺭ. ﺍﺟﺘﻤﺎﻋﻠﺮﺩﻩ ﺑﻮ ﺍﺩﺍﺭﻩﻟﺮﯾﻦ ﺳﯿﺎﺳﯽ ﺍﯾﺸﻠﺮ ﺍﯾﻠﻪ ﻣﺸﻐﻮﻝ ﺍﻭﻟﻤﺎﺩﯾﻘﻠﺮﯼ، ﺍﯾﺪﻩﻥ ﻏﺎﻻﻭﺍ ﻭ ﺭﯾﺌﯿﺴﻠﺮ ﺗﺤﺖ ﻣﺴﺆﻭﻟﯿﺘﻪ ﺁﻟﯿﻨﺎﺟﻘﺪﺭ ﺳﯽ ﻭ ﺍﻭﻻﺭﻙ ﺍﯾﺶ ﺑﺎﺷﻨﺪﻥ ﺩﻓﻊ ﺍﯾﺪﯾﻠﻪﺟﻜﻠﺮﯼ ﺧﺼﻮﺻﻨﺪﻩ ﺍﺻﺮﺍﺭ ﺍﯾﺪﯾﯿﻮﺭ. ﭘﺮﺍﺗﺎﭘﻮﭘﻮﻓﻚ ﺍﯾﻨﻜﻠﯿﺰﯼ ﻣﺠﻠﺲ ﻭ ﻛﻼﺑﻪ ﺍﺩﺧﺎﻝ ﺍﻭﻟﻮﻧﺎﺟﻘﺪﺭ.

ﻣﺤﺎﺭﺑﻪ
ﺭﻭﺱ، ﺁﻟﻤﺎﻥ، ﺁﻭﺳﺘﺮﯾﺎ ﻭ ﺗﻮﺭﻙ ﺻﺤﻨﻪ ﺣﺮﺑﻨﺪﻩ

( ﭘﻪﺗﺮﻭﻏﺮﺍﺩ ﺁﺟﺎﻧﺴﯽ ﺗﻠﻐﺮﺍﻓﻠﺮﯼ)

ﭘﻪﺗﺮﻭﻏﺮﺍﺩ :- ٢٠ ﯾﺎﻧﻮﺍﺭ (ﺭﺳﻤﯽ) ﺑﺎﺵ ﻗﻮﻣﺎﻧﺪﺍﻧﻠﻖ ﺍﺭﻛﺎﻥ ﺣﺮﺏ ﺩﺍﺋﺮﻩﺳﻨﺪﻥ:

ﻏﺮﺏ ﺧﻄﻨﺪﻩ: ﻧﻪﻣﺴﻪﻟﺮ ﻭ ﻧﻪﻣﺴﻪﻟﺮﻙ ﺟﻨﻮﺏ ﻏﺮﺑﯿﻨﺪﻩ ﻛﺎﺋﻦ ﺳﻠﺎﻭﻭﺩﻩﺳﻪ ﻏﺮﺑﯿﻨﺪﻩ ﺑﻮﻟﻮﻧﺎﻥ ﺁﻗﻮﭘﻠﺎﺭﺯﯼ ﺷﺪﺗﻠﯽ ﻃﻮﺑﺎ ﻃﻮﺗﺪﻗﺪﻥ ﺻﻮﻛﺮﺍ ﻧﻪﻣﺴﻪﻟﺮ ﭘﺎ ﺍﻟﻪﺭﻭ ﺑﻮﺭﻭﻣﻪﻙ ﻗﻮﺗﻠﯽ ﺑﺮ ﻗﺮﻗﯽ ﺍﯾﻠﻪ ﺑﺮﺍﻳﭽﯽ ﺧﻄﻪ ﻛﯽ ﺁﻗﻮﭘﻠﺎﺭﺯﻩ ﻛﯿﺮﻣﻪﻙ ﻃﻮﺑﺎﻟﺮﻣﺰﻙ ﺑﺎﺭﺍﺗﻠﺎﻛﺮﻩ ﺩﻓﻊ ﺍﯾﺪﯾﻠﻤﺸﻠﺮﺩﺭ. ﺍﯾﺘﺪﯾﻜﻠﺮﯼ ﻋﻜﺲ ﻫﺠﻮﻣﻠﻪ ﻧﻪﻣﺴﻪﻟﺮ ﺁﻗﻮﭘﻠﺎﺭﯾﻨﻪ ﺩﻓﻊ ﺍﯾﺪﯾﻠﻤﺸﻠﺮ.

ﺭﻭﻣﺎﻧﯿﺎ ﺧﻄﻨﺪﻩ

ﺁﺗﯿﺸﻤﺎ ﻭ ﻛﺸﺎﻓﻠﺮﻣﺰﻙ ﺁﺭﺍﺷﺪﯾﺮﻣﻪﻟﺮﯼ ﺩﻭﺍﻡ ﺍﯾﺘﻤﻜﺪﻩﺩﺭ.

ﻗﺎﻓﻘﺎﺱ ﺧﻄﻨﺪﻩ :- ﻫﯿﭻ ﺑﺮ ﺑﺪﻝ ﯾﻮﻗﺪﺭ.

ﻏﺮﺏ ﺧﻄﻨﺪﻩ

ﭘﻪﺗﺮﻭﻏﺮﺍﺩ :- ﯾﺎﻧﻮﺍﺭ ٢١ (ﺭﺳﻤﯽ) ﺭﯾﻐﺎﻧﻚ ﻏﺮﺑﻨﺪﻩ ﻛﺎﺋﻦ ﻛﻤﻤﺮﻥ ﻛﯿﺠﻮﺏ ﺣﻮﺍﻟﯿﺴﻨﻪ ﺁﻟﻤﺎﻥ ﻃﯿﺎﺭﻩﺳﻚ ﺑﺮﺍﻗﯿﻼﻥ ﺍﯾﻠﻪ ١٠ ﺁﻗﺎﭖ ﯾﺎﺭﺍﻟﺎﻧﻤﺸﺪﺭ.

ﺷﺪﺗﻠﯽ ﻃﻮﺏ ﺁﺗﻪﺷﻨﺪﻥ ﺻﻮﻛﺮﺍ ﺭﯾﻐﺎﻧﻚ ﻏﺮﺑﻨﺪﻩ ﻭﺍﻗﻊ ...ﻗﺎﻟﻠﺴﯿﻢ ﺷﺮﻗﯿﻨﺪﻩ ﻛﯽ ﻓﺮﻗﻪﻟﺮﻣﺰﻩ ﻫﺠﻮﻣﺪﻩ
